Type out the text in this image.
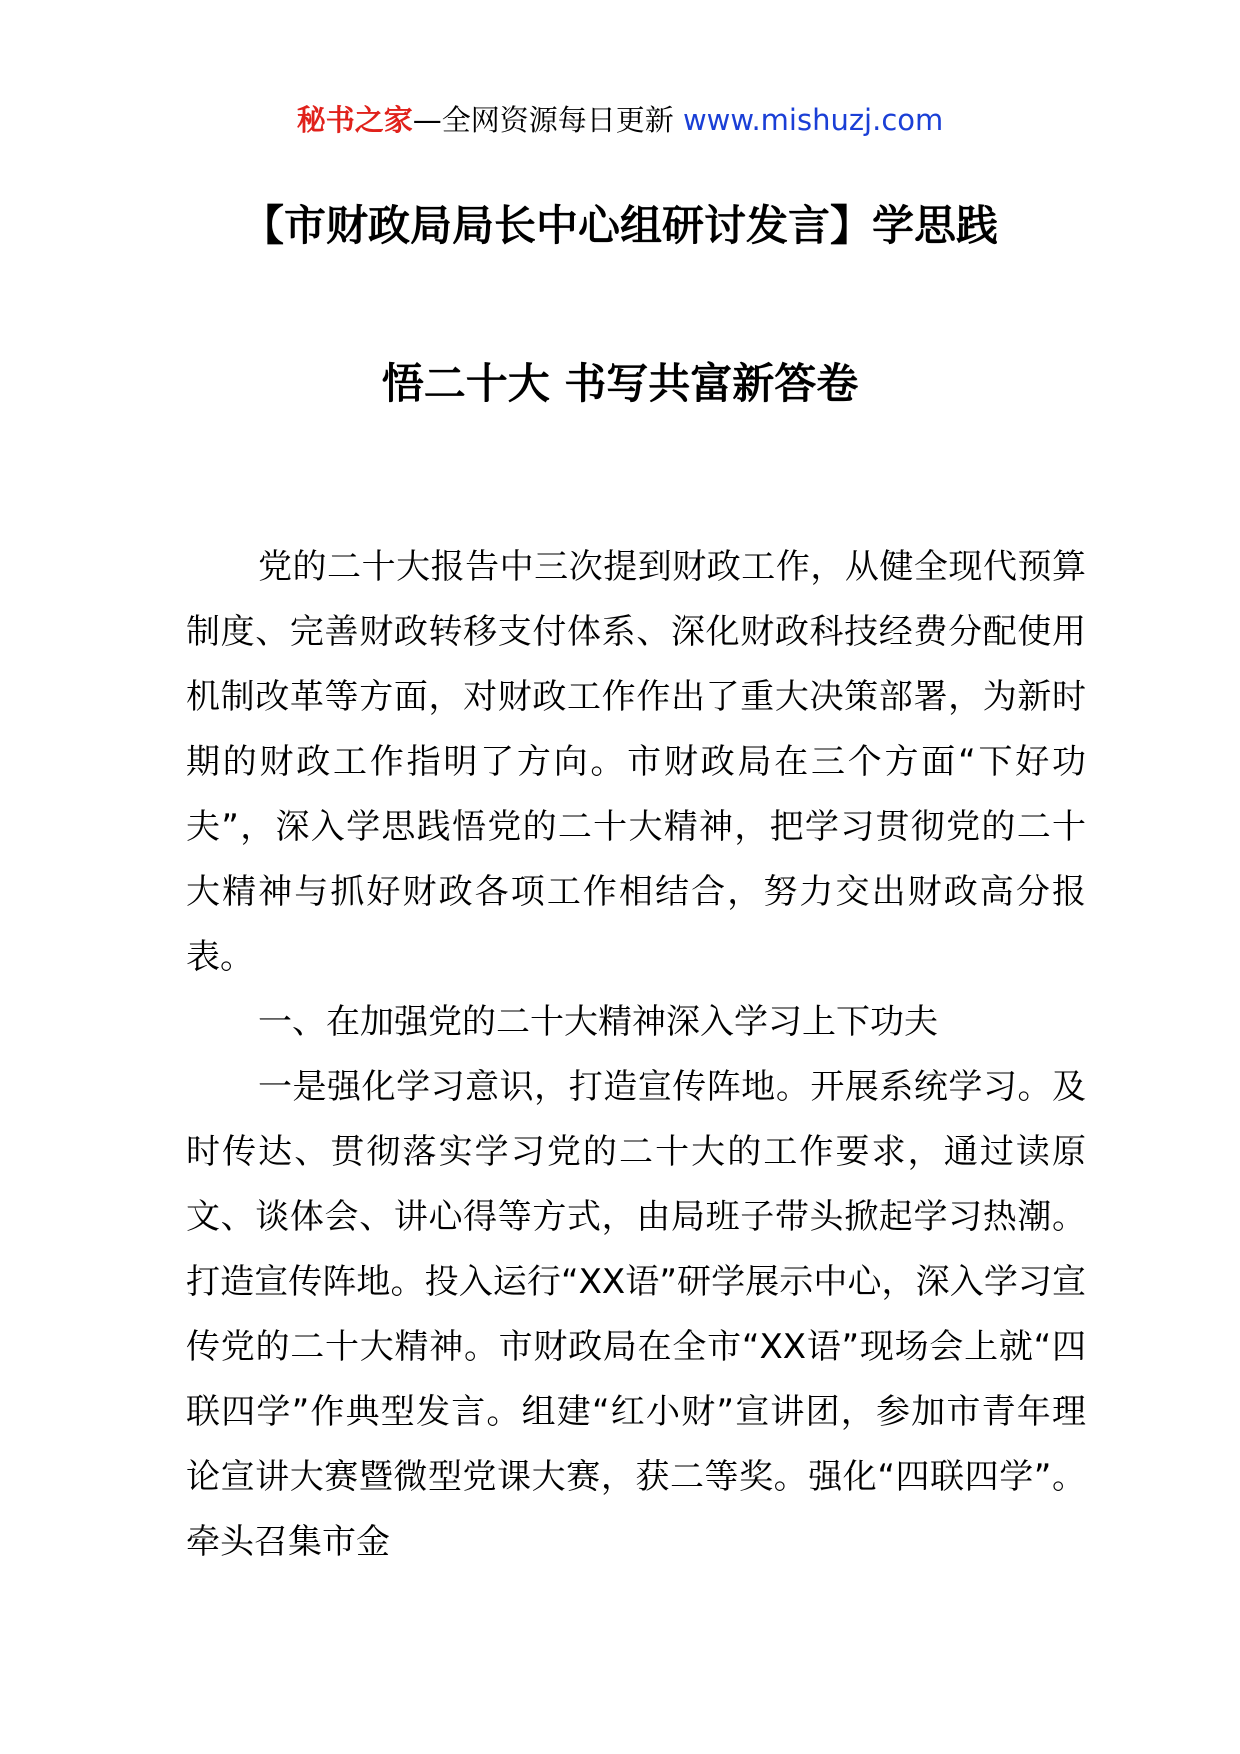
秘书之家—全网资源每日更新 www.mishuzj.com
【市财政局局长中心组研讨发言】学思践
悟二十大 书写共富新答卷

党的二十大报告中三次提到财政工作，从健全现代预算制度、完善财政转移支付体系、深化财政科技经费分配使用机制改革等方面，对财政工作作出了重大决策部署，为新时期的财政工作指明了方向。市财政局在三个方面“下好功夫”，深入学思践悟党的二十大精神，把学习贯彻党的二十大精神与抓好财政各项工作相结合，努力交出财政高分报表。

一、在加强党的二十大精神深入学习上下功夫

一是强化学习意识，打造宣传阵地。开展系统学习。及时传达、贯彻落实学习党的二十大的工作要求，通过读原文、谈体会、讲心得等方式，由局班子带头掀起学习热潮。打造宣传阵地。投入运行“XX语”研学展示中心，深入学习宣传党的二十大精神。市财政局在全市“XX语”现场会上就“四联四学”作典型发言。组建“红小财”宣讲团，参加市青年理论宣讲大赛暨微型党课大赛，获二等奖。强化“四联四学”。牵头召集市金
